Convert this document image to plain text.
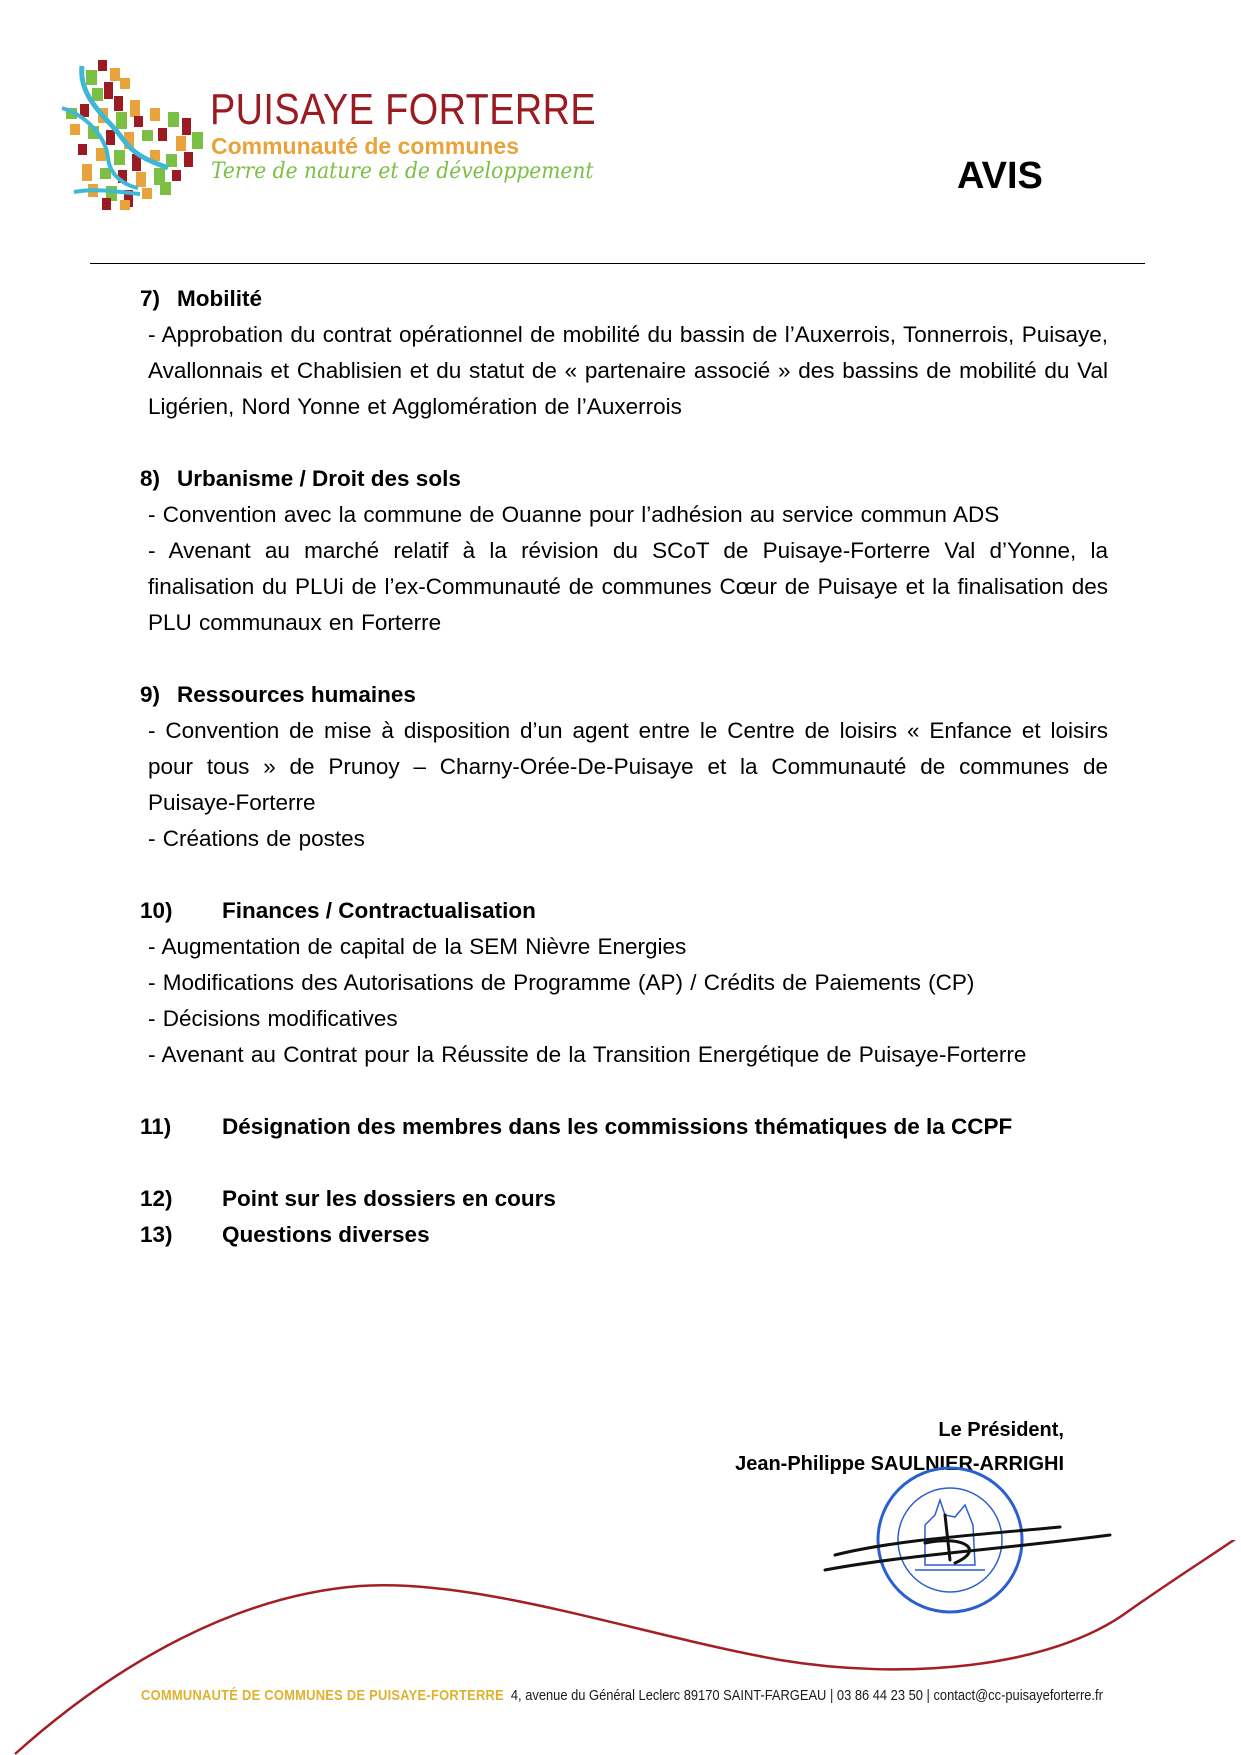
PUISAYE FORTERRE
Communauté de communes
Terre de nature et de développement	AVIS
7) Mobilité
- Approbation du contrat opérationnel de mobilité du bassin de l’Auxerrois, Tonnerrois, Puisaye, Avallonnais et Chablisien et du statut de « partenaire associé » des bassins de mobilité du Val Ligérien, Nord Yonne et Agglomération de l’Auxerrois
8) Urbanisme / Droit des sols
- Convention avec la commune de Ouanne pour l’adhésion au service commun ADS
- Avenant au marché relatif à la révision du SCoT de Puisaye-Forterre Val d’Yonne, la finalisation du PLUi de l’ex-Communauté de communes Cœur de Puisaye et la finalisation des PLU communaux en Forterre
9) Ressources humaines
- Convention de mise à disposition d’un agent entre le Centre de loisirs « Enfance et loisirs pour tous » de Prunoy – Charny-Orée-De-Puisaye et la Communauté de communes de Puisaye-Forterre
- Créations de postes
10) Finances / Contractualisation
- Augmentation de capital de la SEM Nièvre Energies
- Modifications des Autorisations de Programme (AP) / Crédits de Paiements (CP)
- Décisions modificatives
- Avenant au Contrat pour la Réussite de la Transition Energétique de Puisaye-Forterre
11) Désignation des membres dans les commissions thématiques de la CCPF
12) Point sur les dossiers en cours
13) Questions diverses
Le Président,
Jean-Philippe SAULNIER-ARRIGHI
COMMUNAUTÉ DE COMMUNES DE PUISAYE-FORTERRE 4, avenue du Général Leclerc 89170 SAINT-FARGEAU | 03 86 44 23 50 | contact@cc-puisayeforterre.fr
